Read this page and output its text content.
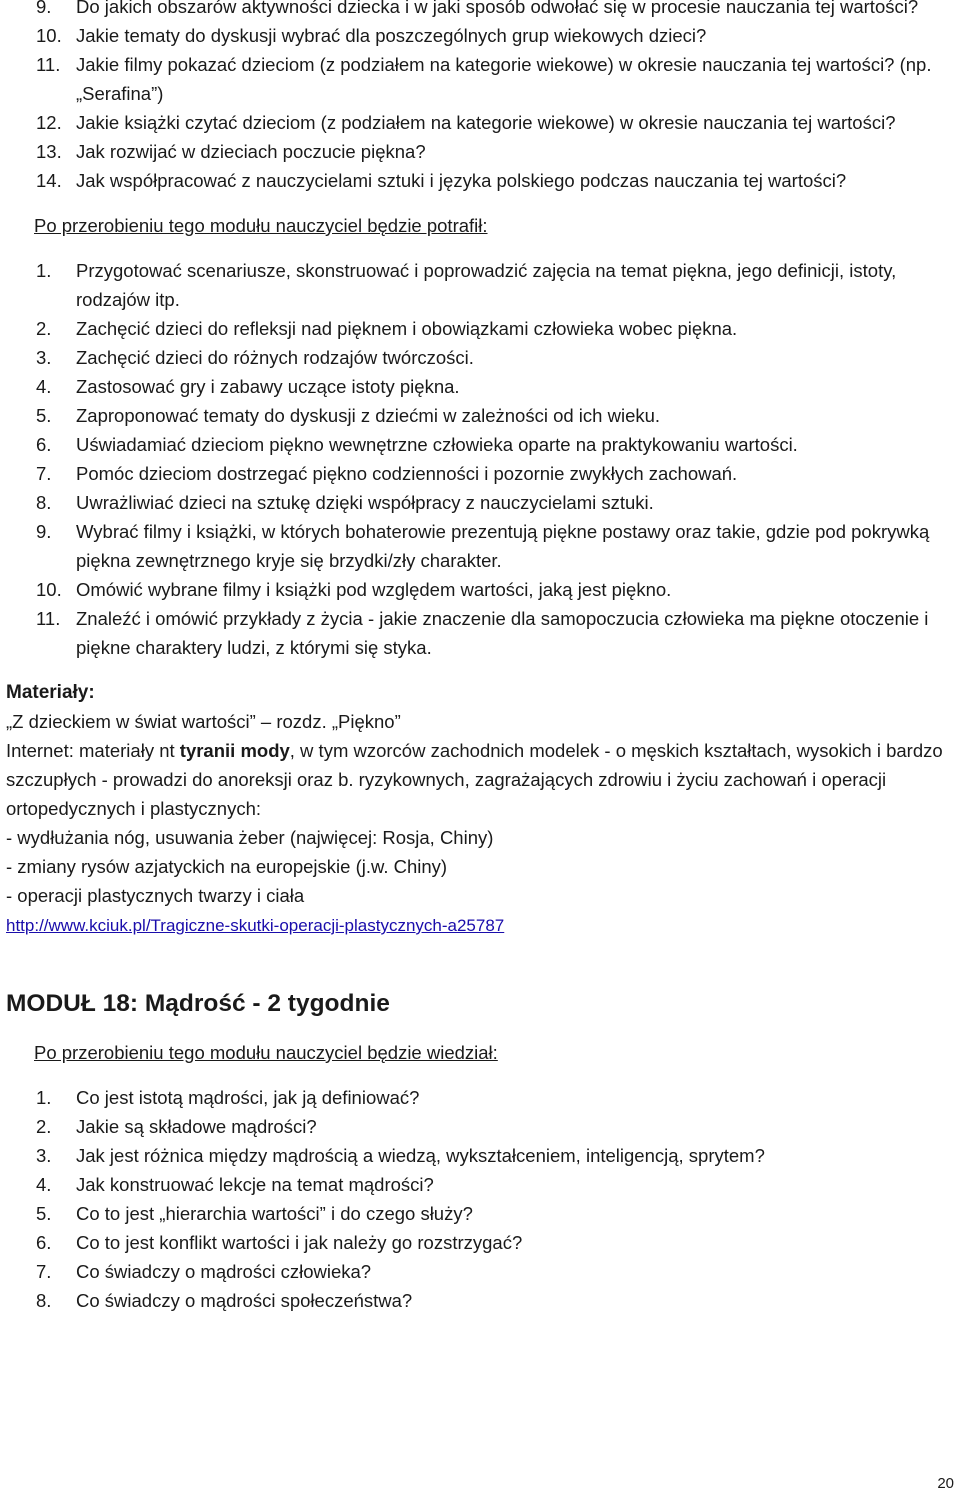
9. Do jakich obszarów aktywności dziecka i w jaki sposób odwołać się w procesie nauczania tej wartości?
10. Jakie tematy do dyskusji wybrać dla poszczególnych grup wiekowych dzieci?
11. Jakie filmy pokazać dzieciom (z podziałem na kategorie wiekowe) w okresie nauczania tej wartości? (np. „Serafina”)
12. Jakie książki czytać dzieciom (z podziałem na kategorie wiekowe) w okresie nauczania tej wartości?
13. Jak rozwijać w dzieciach poczucie piękna?
14. Jak współpracować z nauczycielami sztuki i języka polskiego podczas nauczania tej wartości?

Po przerobieniu tego modułu nauczyciel będzie potrafił:

1. Przygotować scenariusze, skonstruować i poprowadzić zajęcia na temat piękna, jego definicji, istoty, rodzajów itp.
2. Zachęcić dzieci do refleksji nad pięknem i obowiązkami człowieka wobec piękna.
3. Zachęcić dzieci do różnych rodzajów twórczości.
4. Zastosować gry i zabawy uczące istoty piękna.
5. Zaproponować tematy do dyskusji z dziećmi w zależności od ich wieku.
6. Uświadamiać dzieciom piękno wewnętrzne człowieka oparte na praktykowaniu wartości.
7. Pomóc dzieciom dostrzegać piękno codzienności i pozornie zwykłych zachowań.
8. Uwrażliwiać dzieci na sztukę dzięki współpracy z nauczycielami sztuki.
9. Wybrać filmy i książki, w których bohaterowie prezentują piękne postawy oraz takie, gdzie pod pokrywką piękna zewnętrznego kryje się brzydki/zły charakter.
10. Omówić wybrane filmy i książki pod względem wartości, jaką jest piękno.
11. Znaleźć i omówić przykłady z życia - jakie znaczenie dla samopoczucia człowieka ma piękne otoczenie i piękne charaktery ludzi, z którymi się styka.

Materiały:

„Z dzieckiem w świat wartości” – rozdz. „Piękno”
Internet: materiały nt tyranii mody, w tym wzorców zachodnich modelek - o męskich kształtach, wysokich i bardzo szczupłych - prowadzi do anoreksji oraz b. ryzykownych, zagrażających zdrowiu i życiu zachowań i operacji ortopedycznych i plastycznych:
- wydłużania nóg, usuwania żeber (najwięcej: Rosja, Chiny)
- zmiany rysów azjatyckich na europejskie (j.w. Chiny)
- operacji plastycznych twarzy i ciała
http://www.kciuk.pl/Tragiczne-skutki-operacji-plastycznych-a25787
MODUŁ 18: Mądrość - 2 tygodnie

Po przerobieniu tego modułu nauczyciel będzie wiedział:

1. Co jest istotą mądrości, jak ją definiować?
2. Jakie są składowe mądrości?
3. Jak jest różnica między mądrością a wiedzą, wykształceniem, inteligencją, sprytem?
4. Jak konstruować lekcje na temat mądrości?
5. Co to jest „hierarchia wartości” i do czego służy?
6. Co to jest konflikt wartości i jak należy go rozstrzygać?
7. Co świadczy o mądrości człowieka?
8. Co świadczy o mądrości społeczeństwa?
20
